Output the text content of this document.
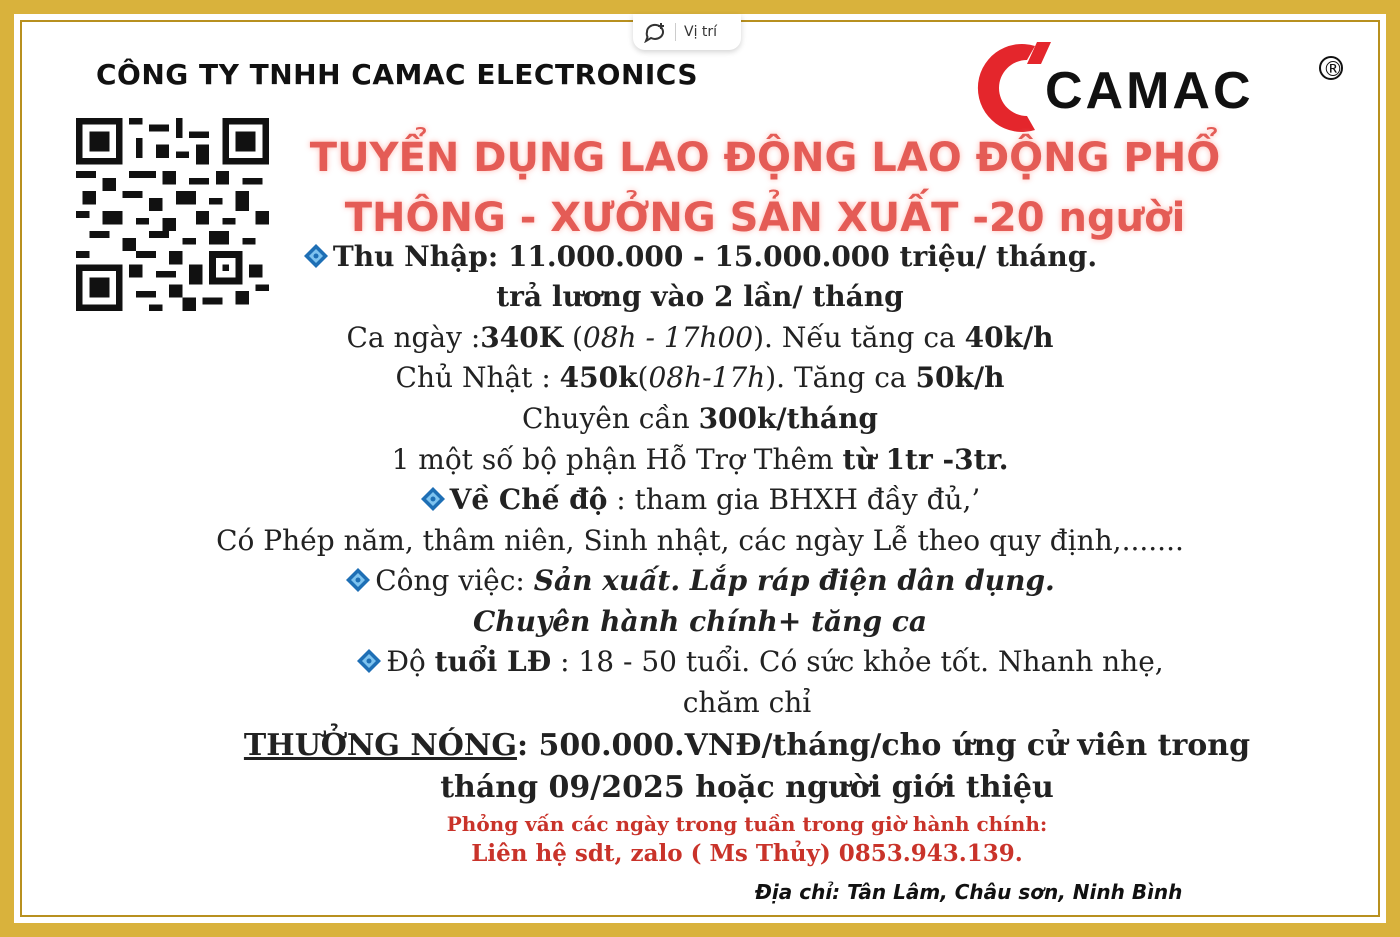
Vị trí
CÔNG TY TNHH CAMAC ELECTRONICS	CAMAC	®
TUYỂN DỤNG LAO ĐỘNG LAO ĐỘNG PHỔ
THÔNG - XƯỞNG SẢN XUẤT -20 người
Thu Nhập: 11.000.000 - 15.000.000 triệu/ tháng.
trả lương vào 2 lần/ tháng
Ca ngày :340K (08h - 17h00). Nếu tăng ca 40k/h
Chủ Nhật : 450k(08h-17h). Tăng ca 50k/h
Chuyên cần 300k/tháng
1 một số bộ phận Hỗ Trợ Thêm từ 1tr -3tr.
Về Chế độ : tham gia BHXH đầy đủ,’
Có Phép năm, thâm niên, Sinh nhật, các ngày Lễ theo quy định,.......
Công việc: Sản xuất. Lắp ráp điện dân dụng.
Chuyên hành chính+ tăng ca
Độ tuổi LĐ : 18 - 50 tuổi. Có sức khỏe tốt. Nhanh nhẹ,
chăm chỉ
THƯỞNG NÓNG: 500.000.VNĐ/tháng/cho ứng cử viên trong
tháng 09/2025 hoặc người giới thiệu
Phỏng vấn các ngày trong tuần trong giờ hành chính:
Liên hệ sdt, zalo ( Ms Thủy) 0853.943.139.
Địa chỉ: Tân Lâm, Châu sơn, Ninh Bình
